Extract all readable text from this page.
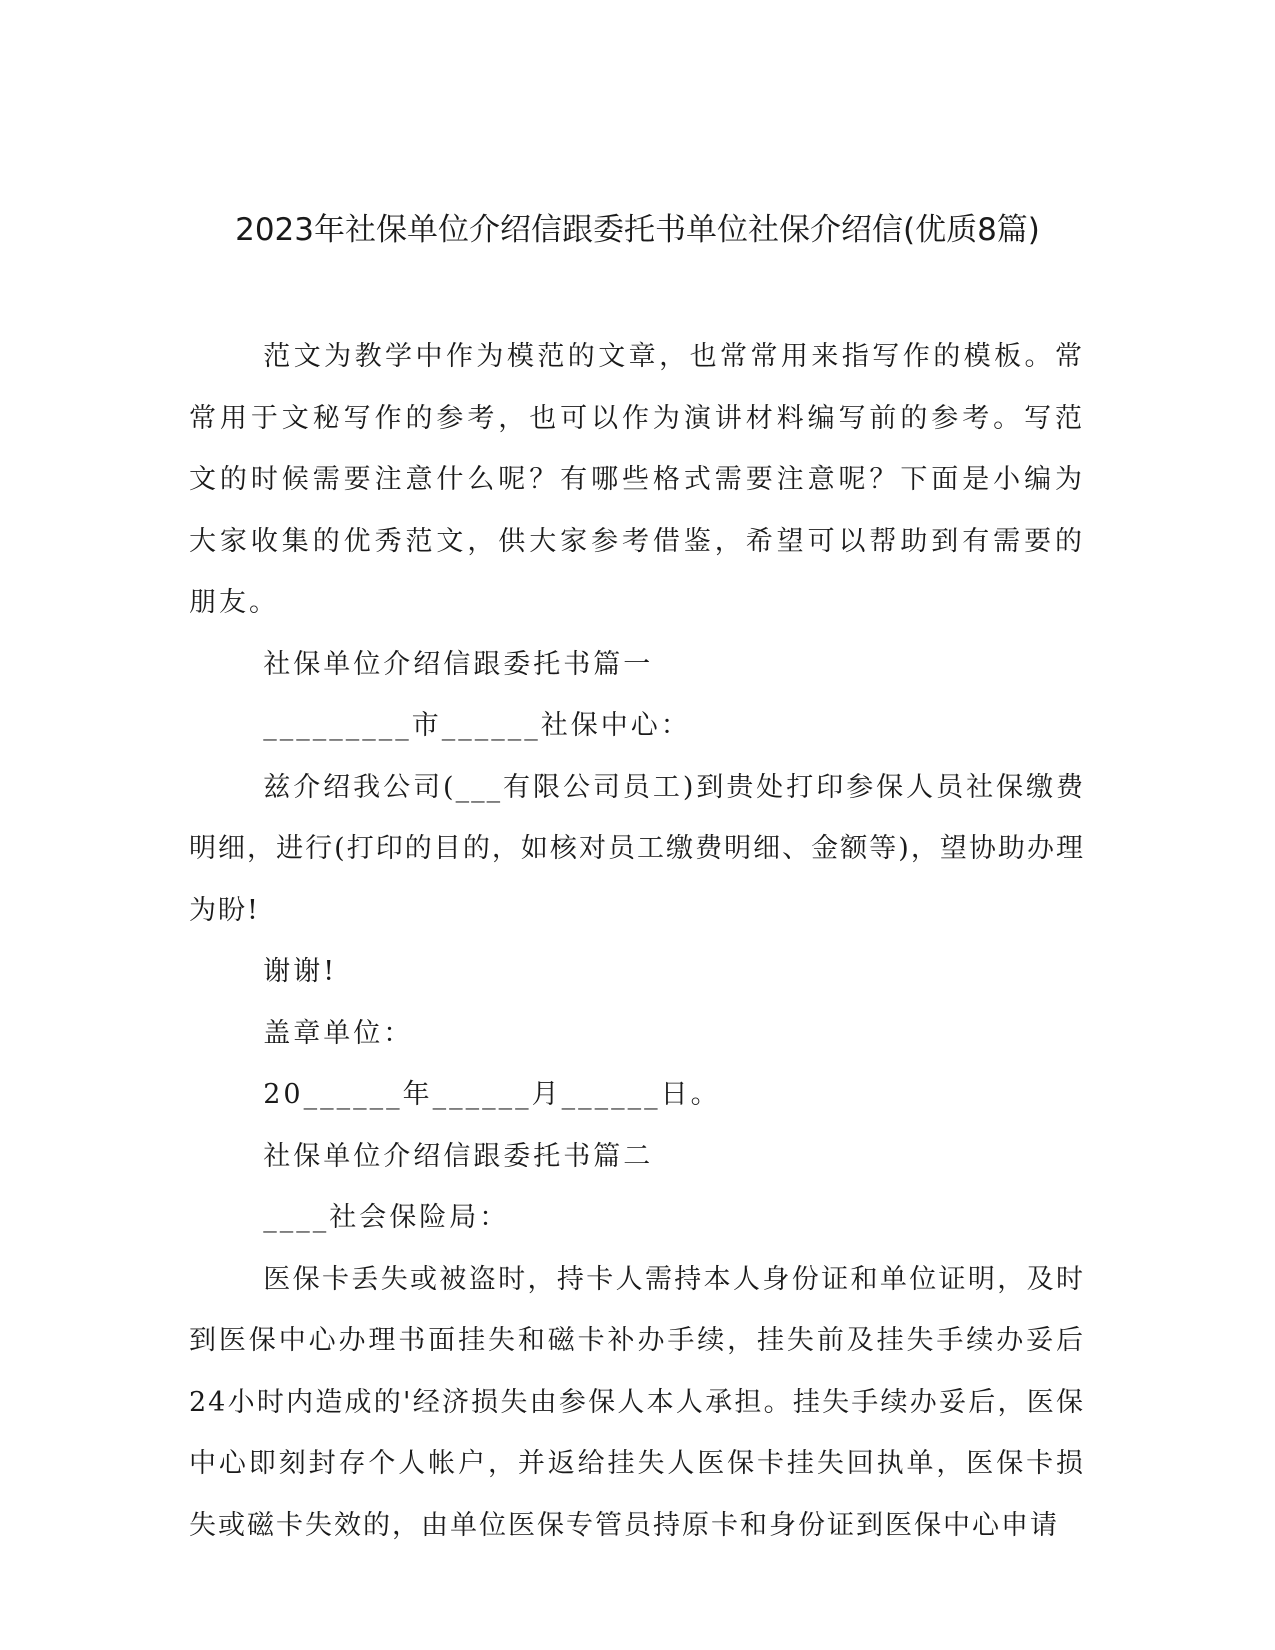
2023年社保单位介绍信跟委托书单位社保介绍信(优质8篇)

范文为教学中作为模范的文章，也常常用来指写作的模板。常常用于文秘写作的参考，也可以作为演讲材料编写前的参考。写范文的时候需要注意什么呢？有哪些格式需要注意呢？下面是小编为大家收集的优秀范文，供大家参考借鉴，希望可以帮助到有需要的朋友。

社保单位介绍信跟委托书篇一

_________市______社保中心：

兹介绍我公司(___有限公司员工)到贵处打印参保人员社保缴费明细，进行(打印的目的，如核对员工缴费明细、金额等)，望协助办理为盼!

谢谢!

盖章单位：

20______年______月______日。

社保单位介绍信跟委托书篇二

____社会保险局：

医保卡丢失或被盗时，持卡人需持本人身份证和单位证明，及时到医保中心办理书面挂失和磁卡补办手续，挂失前及挂失手续办妥后24小时内造成的'经济损失由参保人本人承担。挂失手续办妥后，医保中心即刻封存个人帐户，并返给挂失人医保卡挂失回执单，医保卡损失或磁卡失效的，由单位医保专管员持原卡和身份证到医保中心申请
